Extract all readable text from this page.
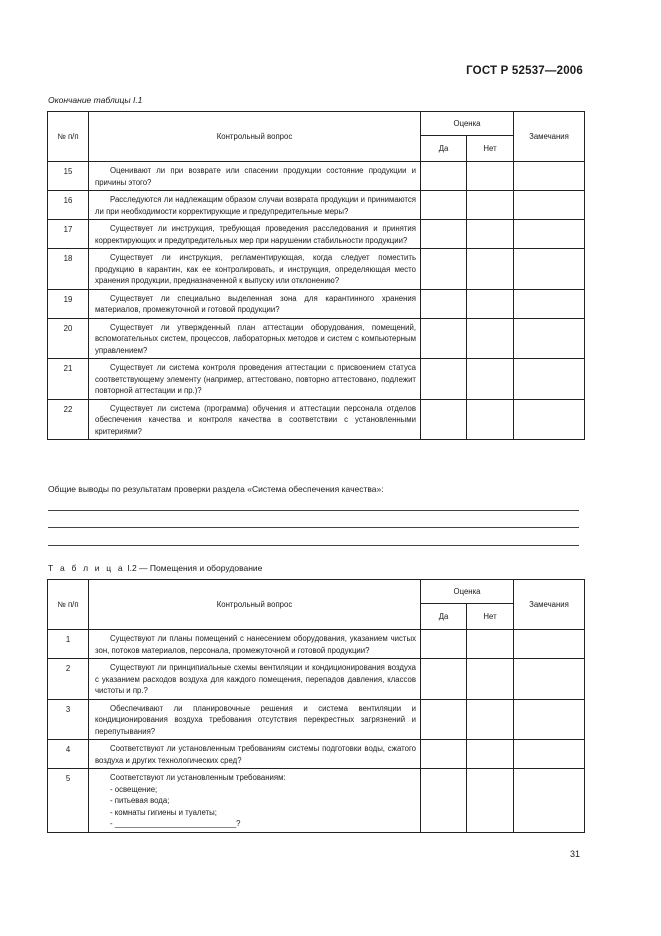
ГОСТ Р 52537—2006
Окончание таблицы I.1
№ п/п	Контрольный вопрос	Оценка		Замечания
		Да	Нет	
15	Оценивают ли при возврате или спасении продукции состояние продукции и причины этого?			
16	Расследуются ли надлежащим образом случаи возврата продукции и принимаются ли при необходимости корректирующие и предупредительные меры?			
17	Существует ли инструкция, требующая проведения расследования и принятия корректирующих и предупредительных мер при нарушении стабильности продукции?			
18	Существует ли инструкция, регламентирующая, когда следует поместить продукцию в карантин, как ее контролировать, и инструкция, определяющая место хранения продукции, предназначенной к выпуску или отклонению?			
19	Существует ли специально выделенная зона для карантинного хранения материалов, промежуточной и готовой продукции?			
20	Существует ли утвержденный план аттестации оборудования, помещений, вспомогательных систем, процессов, лабораторных методов и систем с компьютерным управлением?			
21	Существует ли система контроля проведения аттестации с присвоением статуса соответствующему элементу (например, аттестовано, повторно аттестовано, подлежит повторной аттестации и пр.)?			
22	Существует ли система (программа) обучения и аттестации персонала отделов обеспечения качества и контроля качества в соответствии с установленными критериями?			
Общие выводы по результатам проверки раздела «Система обеспечения качества»:
Т а б л и ц а I.2 — Помещения и оборудование
№ п/п	Контрольный вопрос	Оценка		Замечания
		Да	Нет	
1	Существуют ли планы помещений с нанесением оборудования, указанием чистых зон, потоков материалов, персонала, промежуточной и готовой продукции?			
2	Существуют ли принципиальные схемы вентиляции и кондиционирования воздуха с указанием расходов воздуха для каждого помещения, перепадов давления, классов чистоты и пр.?			
3	Обеспечивают ли планировочные решения и система вентиляции и кондиционирования воздуха требования отсутствия перекрестных загрязнений и перепутывания?			
4	Соответствуют ли установленным требованиям системы подготовки воды, сжатого воздуха и других технологических сред?			
5	Соответствуют ли установленным требованиям:
- освещение;
- питьевая вода;
- комнаты гигиены и туалеты;
- ____________________________?			

31
